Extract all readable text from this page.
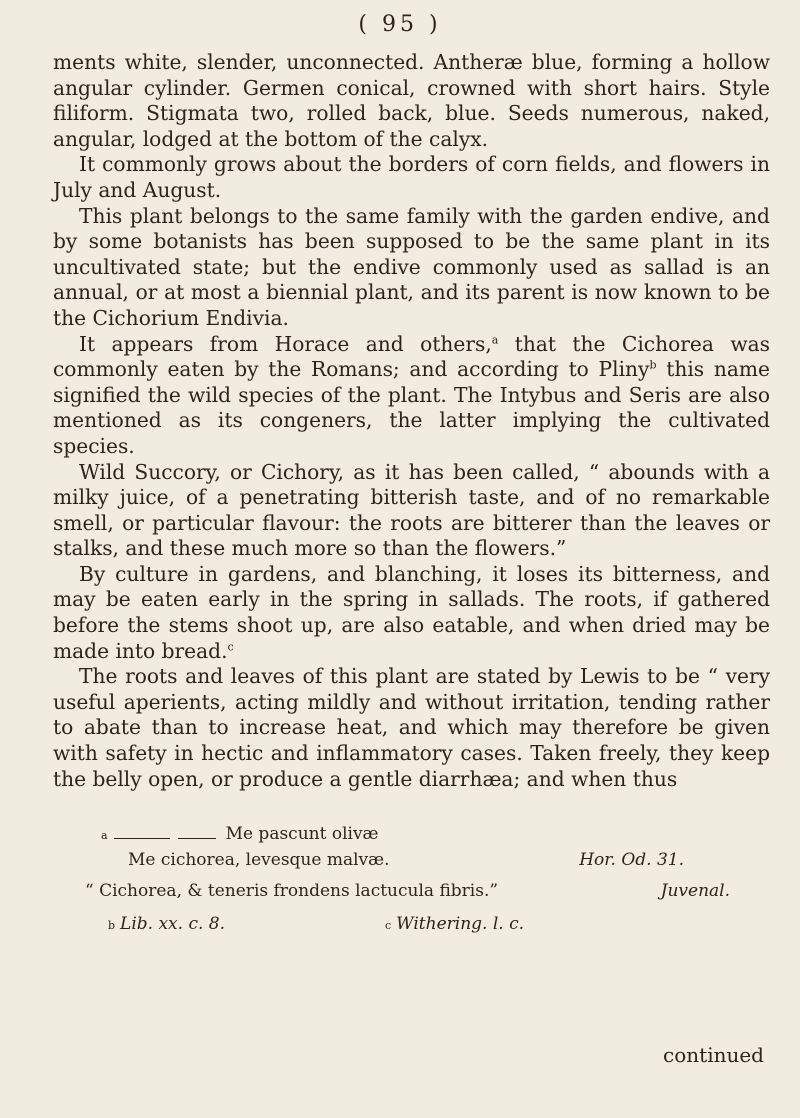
( 95 )

ments white, slender, unconnected. Antheræ blue, forming a hollow angular cylinder. Germen conical, crowned with short hairs. Style filiform. Stigmata two, rolled back, blue. Seeds numerous, naked, angular, lodged at the bottom of the calyx.

It commonly grows about the borders of corn fields, and flowers in July and August.

This plant belongs to the same family with the garden endive, and by some botanists has been supposed to be the same plant in its uncultivated state; but the endive commonly used as sallad is an annual, or at most a biennial plant, and its parent is now known to be the Cichorium Endivia.

It appears from Horace and others,$^a$ that the Cichorea was commonly eaten by the Romans; and according to Pliny$^b$ this name signified the wild species of the plant. The Intybus and Seris are also mentioned as its congeners, the latter implying the cultivated species.

Wild Succory, or Cichory, as it has been called, “ abounds with a milky juice, of a penetrating bitterish taste, and of no remarkable smell, or particular flavour: the roots are bitterer than the leaves or stalks, and these much more so than the flowers.”

By culture in gardens, and blanching, it loses its bitterness, and may be eaten early in the spring in sallads. The roots, if gathered before the stems shoot up, are also eatable, and when dried may be made into bread.$^c$

The roots and leaves of this plant are stated by Lewis to be “ very useful aperients, acting mildly and without irritation, tending rather to abate than to increase heat, and which may therefore be given with safety in hectic and inflammatory cases. Taken freely, they keep the belly open, or produce a gentle diarrhæa; and when thus

a	Me pascunt olivæ
Me cichorea, levesque malvæ.	Hor. Od. 31.
“ Cichorea, & teneris frondens lactucula fibris.”	Juvenal.
b Lib. xx. c. 8.	c Withering. l. c.
continued
